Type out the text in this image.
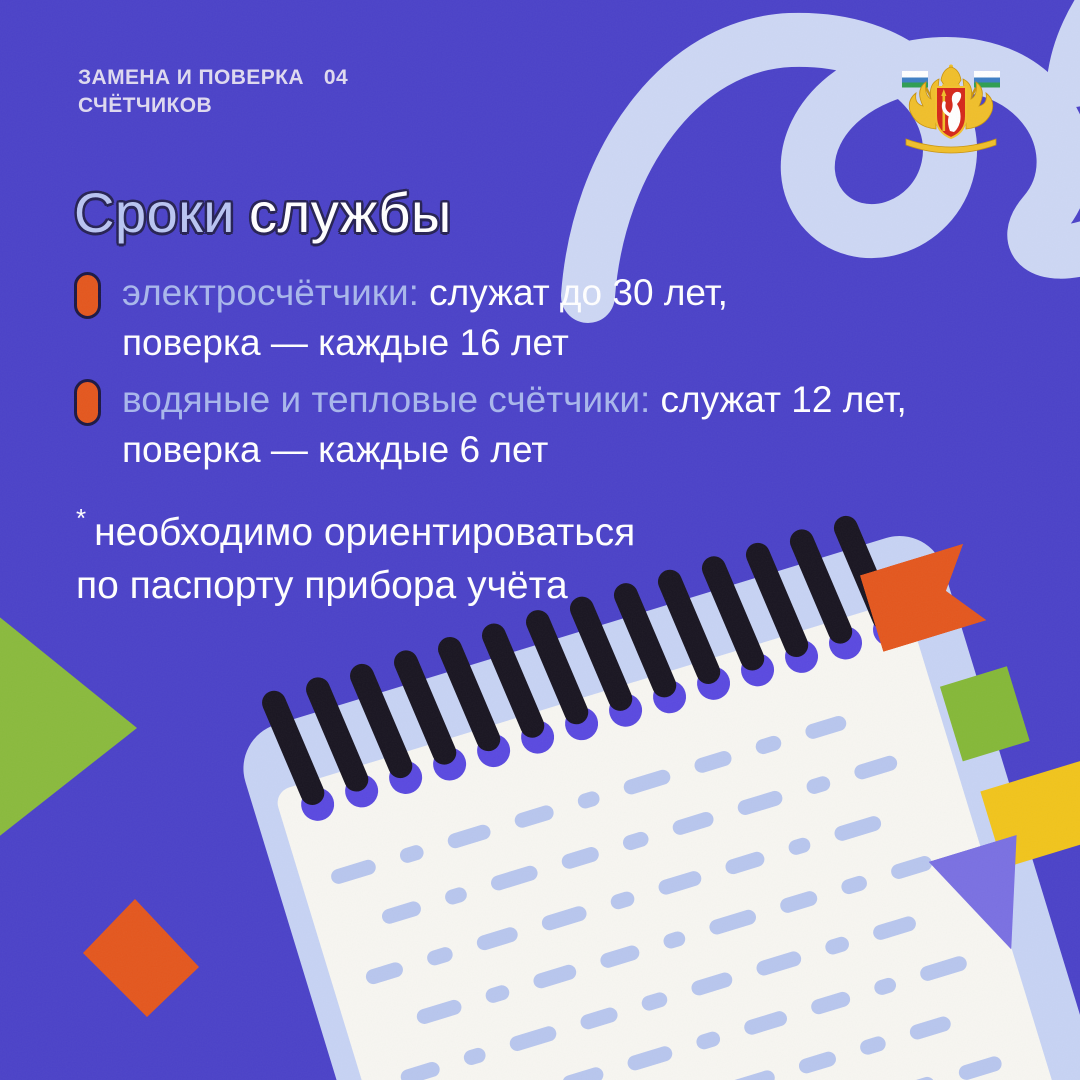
ЗАМЕНА И ПОВЕРКА 04
СЧЁТЧИКОВ
Сроки службы
электросчётчики: служат до 30 лет,
поверка — каждые 16 лет
водяные и тепловые счётчики: служат 12 лет,
поверка — каждые 6 лет
* необходимо ориентироваться
по паспорту прибора учёта
